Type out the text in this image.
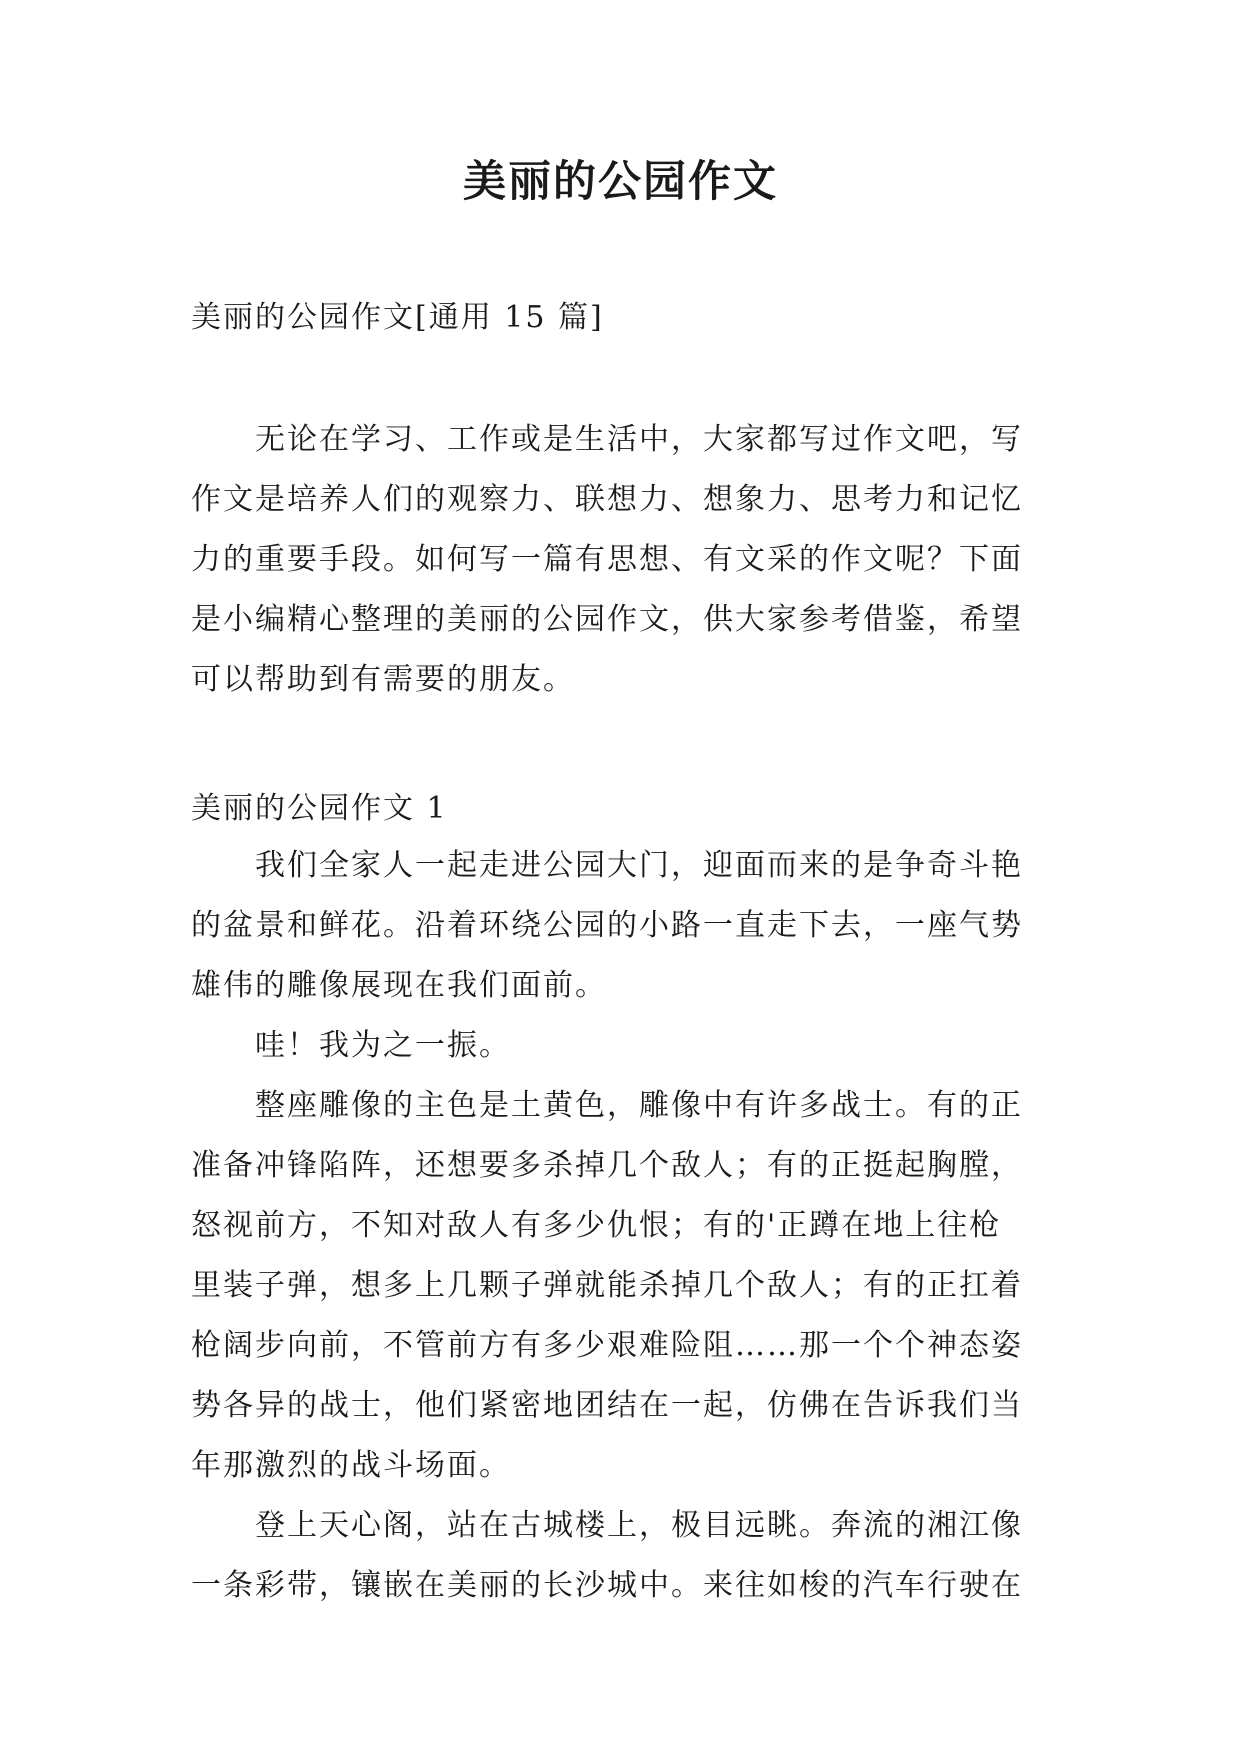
美丽的公园作文

美丽的公园作文[通用 15 篇]

无论在学习、工作或是生活中，大家都写过作文吧，写

作文是培养人们的观察力、联想力、想象力、思考力和记忆

力的重要手段。如何写一篇有思想、有文采的作文呢？下面

是小编精心整理的美丽的公园作文，供大家参考借鉴，希望

可以帮助到有需要的朋友。

美丽的公园作文 1

我们全家人一起走进公园大门，迎面而来的是争奇斗艳

的盆景和鲜花。沿着环绕公园的小路一直走下去，一座气势

雄伟的雕像展现在我们面前。

哇！我为之一振。

整座雕像的主色是土黄色，雕像中有许多战士。有的正

准备冲锋陷阵，还想要多杀掉几个敌人；有的正挺起胸膛，

怒视前方，不知对敌人有多少仇恨；有的'正蹲在地上往枪

里装子弹，想多上几颗子弹就能杀掉几个敌人；有的正扛着

枪阔步向前，不管前方有多少艰难险阻……那一个个神态姿

势各异的战士，他们紧密地团结在一起，仿佛在告诉我们当

年那激烈的战斗场面。

登上天心阁，站在古城楼上，极目远眺。奔流的湘江像

一条彩带，镶嵌在美丽的长沙城中。来往如梭的汽车行驶在
